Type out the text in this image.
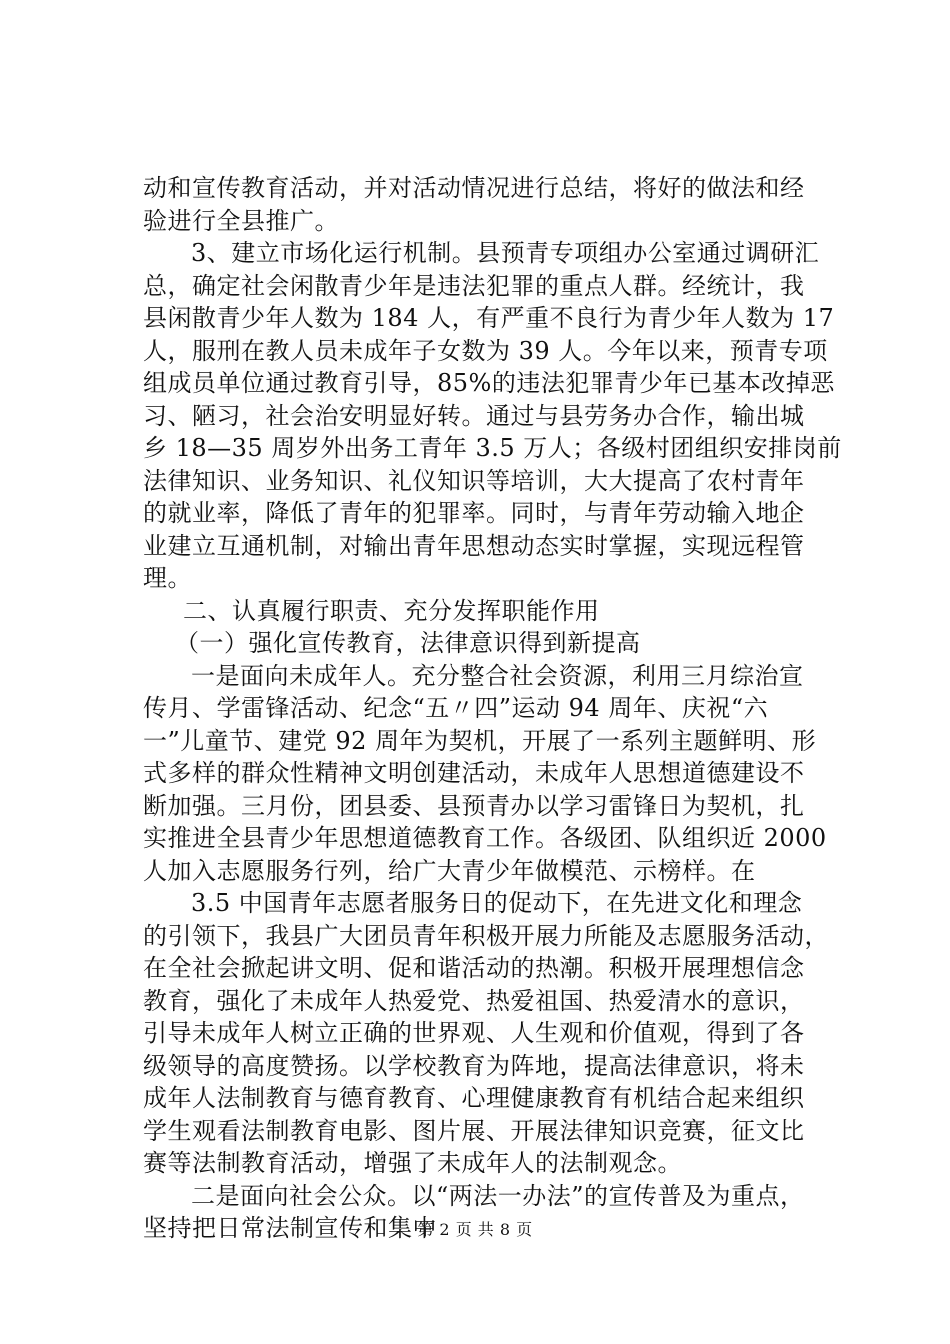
动和宣传教育活动，并对活动情况进行总结，将好的做法和经
验进行全县推广。
3、建立市场化运行机制。县预青专项组办公室通过调研汇
总，确定社会闲散青少年是违法犯罪的重点人群。经统计，我
县闲散青少年人数为 184 人，有严重不良行为青少年人数为 17
人，服刑在教人员未成年子女数为 39 人。今年以来，预青专项
组成员单位通过教育引导，85%的违法犯罪青少年已基本改掉恶
习、陋习，社会治安明显好转。通过与县劳务办合作，输出城
乡 18—35 周岁外出务工青年 3.5 万人；各级村团组织安排岗前
法律知识、业务知识、礼仪知识等培训，大大提高了农村青年
的就业率，降低了青年的犯罪率。同时，与青年劳动输入地企
业建立互通机制，对输出青年思想动态实时掌握，实现远程管
理。
二、认真履行职责、充分发挥职能作用
（一）强化宣传教育，法律意识得到新提高
一是面向未成年人。充分整合社会资源，利用三月综治宣
传月、学雷锋活动、纪念“五〃四”运动 94 周年、庆祝“六
一”儿童节、建党 92 周年为契机，开展了一系列主题鲜明、形
式多样的群众性精神文明创建活动，未成年人思想道德建设不
断加强。三月份，团县委、县预青办以学习雷锋日为契机，扎
实推进全县青少年思想道德教育工作。各级团、队组织近 2000
人加入志愿服务行列，给广大青少年做模范、示榜样。在
3.5 中国青年志愿者服务日的促动下，在先进文化和理念
的引领下，我县广大团员青年积极开展力所能及志愿服务活动，
在全社会掀起讲文明、促和谐活动的热潮。积极开展理想信念
教育，强化了未成年人热爱党、热爱祖国、热爱清水的意识，
引导未成年人树立正确的世界观、人生观和价值观，得到了各
级领导的高度赞扬。以学校教育为阵地，提高法律意识，将未
成年人法制教育与德育教育、心理健康教育有机结合起来组织
学生观看法制教育电影、图片展、开展法律知识竞赛，征文比
赛等法制教育活动，增强了未成年人的法制观念。
二是面向社会公众。以“两法一办法”的宣传普及为重点，
坚持把日常法制宣传和集中
第 2 页 共 8 页
